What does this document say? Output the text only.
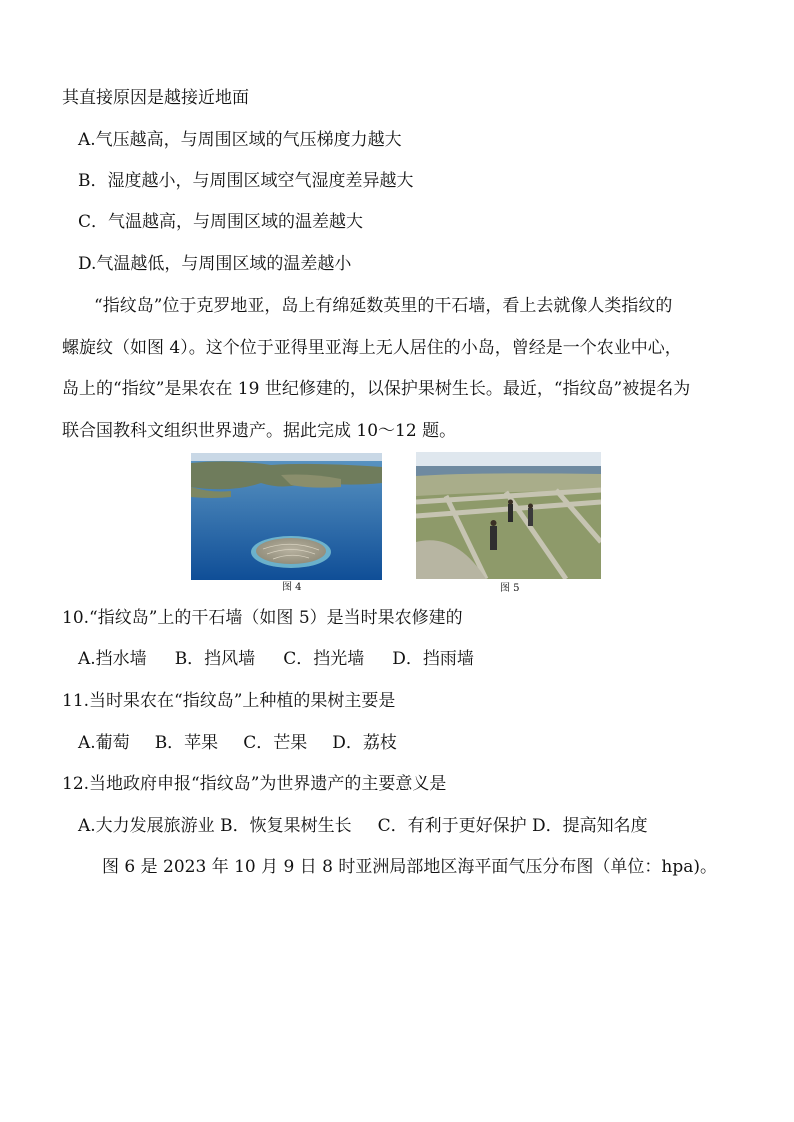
其直接原因是越接近地面
A.气压越高，与周围区域的气压梯度力越大
B．湿度越小，与周围区域空气湿度差异越大
C．气温越高，与周围区域的温差越大
D.气温越低，与周围区域的温差越小
“指纹岛”位于克罗地亚，岛上有绵延数英里的干石墙，看上去就像人类指纹的
螺旋纹（如图 4）。这个位于亚得里亚海上无人居住的小岛，曾经是一个农业中心，
岛上的“指纹”是果农在 19 世纪修建的，以保护果树生长。最近，“指纹岛”被提名为
联合国教科文组织世界遗产。据此完成 10～12 题。
图 4	图 5
10.“指纹岛”上的干石墙（如图 5）是当时果农修建的
A.挡水墙 B．挡风墙 C．挡光墙 D．挡雨墙
11.当时果农在“指纹岛”上种植的果树主要是
A.葡萄 B．苹果 C．芒果 D．荔枝
12.当地政府申报“指纹岛”为世界遗产的主要意义是
A.大力发展旅游业 B．恢复果树生长 C．有利于更好保护 D．提高知名度
图 6 是 2023 年 10 月 9 日 8 时亚洲局部地区海平面气压分布图（单位：hpa)。
